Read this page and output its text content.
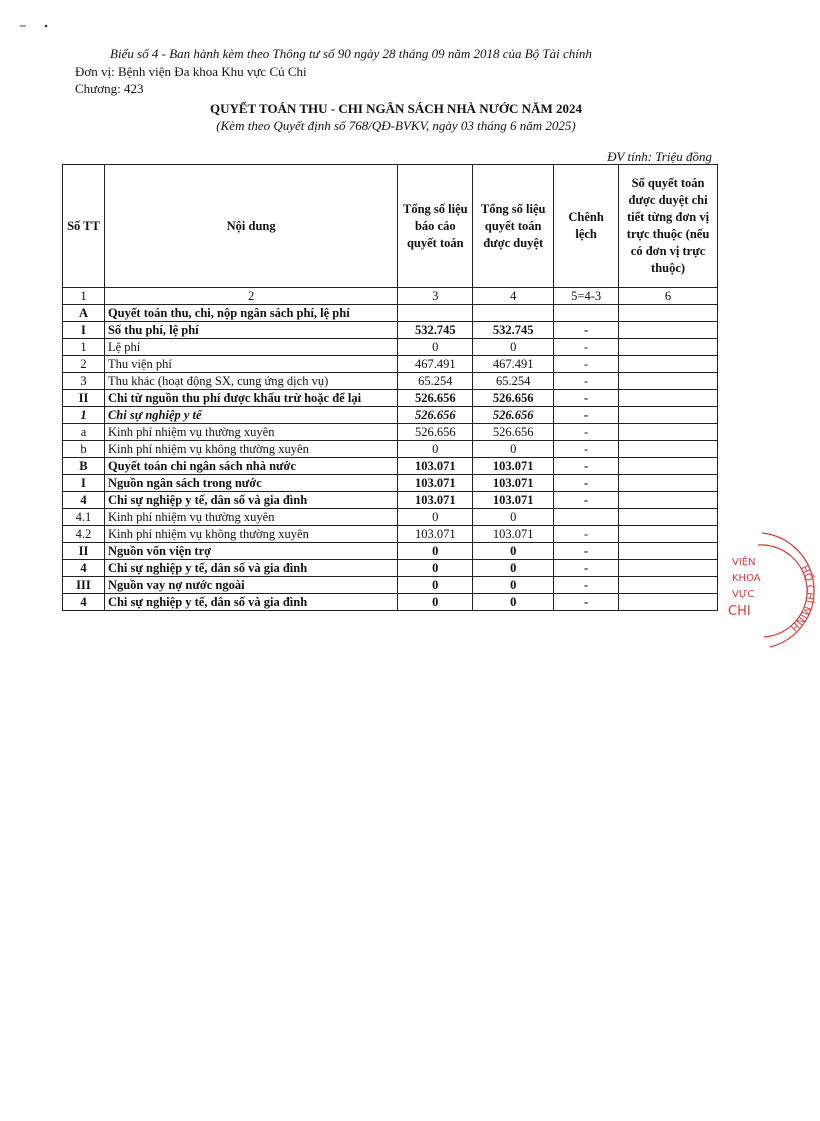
Biểu số 4 - Ban hành kèm theo Thông tư số 90 ngày 28 tháng 09 năm 2018 của Bộ Tài chính
Đơn vị: Bệnh viện Đa khoa Khu vực Củ Chi
Chương: 423
QUYẾT TOÁN THU - CHI NGÂN SÁCH NHÀ NƯỚC NĂM 2024
(Kèm theo Quyết định số 768/QĐ-BVKV, ngày 03 tháng 6 năm 2025)
ĐV tính: Triệu đồng
Số TT	Nội dung	Tổng số liệu báo cáo quyết toán	Tổng số liệu quyết toán được duyệt	Chênh lệch	Số quyết toán được duyệt chi tiết từng đơn vị trực thuộc (nếu có đơn vị trực thuộc)
1	2	3	4	5=4-3	6
A	Quyết toán thu, chi, nộp ngân sách phí, lệ phí				
I	Số thu phí, lệ phí	532.745	532.745	-	
1	Lệ phí	0	0	-	
2	Thu viện phí	467.491	467.491	-	
3	Thu khác (hoạt động SX, cung ứng dịch vụ)	65.254	65.254	-	
II	Chi từ nguồn thu phí được khấu trừ hoặc để lại	526.656	526.656	-	
1	Chi sự nghiệp y tế	526.656	526.656	-	
a	Kinh phí nhiệm vụ thường xuyên	526.656	526.656	-	
b	Kinh phí nhiệm vụ không thường xuyên	0	0	-	
B	Quyết toán chi ngân sách nhà nước	103.071	103.071	-	
I	Nguồn ngân sách trong nước	103.071	103.071	-	
4	Chi sự nghiệp y tế, dân số và gia đình	103.071	103.071	-	
4.1	Kinh phí nhiệm vụ thường xuyên	0	0		
4.2	Kinh phí nhiệm vụ không thường xuyên	103.071	103.071	-	
II	Nguồn vốn viện trợ	0	0	-	
4	Chi sự nghiệp y tế, dân số và gia đình	0	0	-	
III	Nguồn vay nợ nước ngoài	0	0	-	
4	Chi sự nghiệp y tế, dân số và gia đình	0	0	-	
VIỆN
KHOA
VỰC
CHI
HỒ CHÍ MINH
